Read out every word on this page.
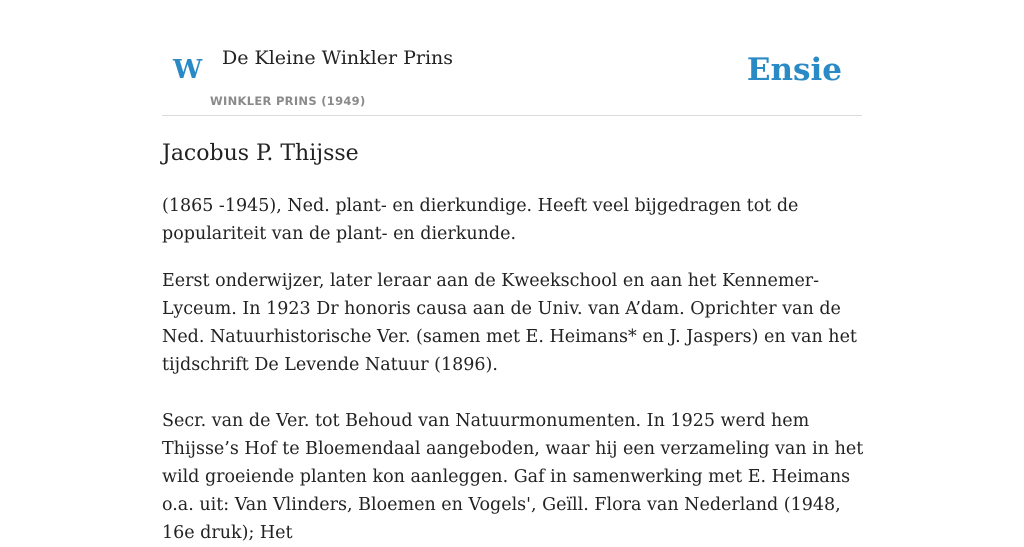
W De Kleine Winkler Prins
WINKLER PRINS (1949)
Ensie
Jacobus P. Thijsse

(1865 -1945), Ned. plant- en dierkundige. Heeft veel bijgedragen tot de popularitei​t van de plant- en dierkunde.

Eerst onderwijzer, later leraar aan de Kweekschool en aan het Kennemer-Lyceum. In 1923 Dr honoris causa aan de Univ. van A’dam. Oprichter van de Ned. Natuurhistorische Ver. (samen met E. Heimans* en J. Jaspers) en van het tijdschrift De Levende Natuur (1896).

Secr. van de Ver. tot Behoud van Natuurmonumenten. In 1925 werd hem Thijsse’s Hof te Bloemendaal aangeboden, waar hij een verzameling van in het wild groeiende planten kon aanleggen. Gaf in samenwerking met E. Heimans o.a. uit: Van Vlinders, Bloemen en Vogels', Geïll. Flora van Nederland (1948, 16e druk); Het
